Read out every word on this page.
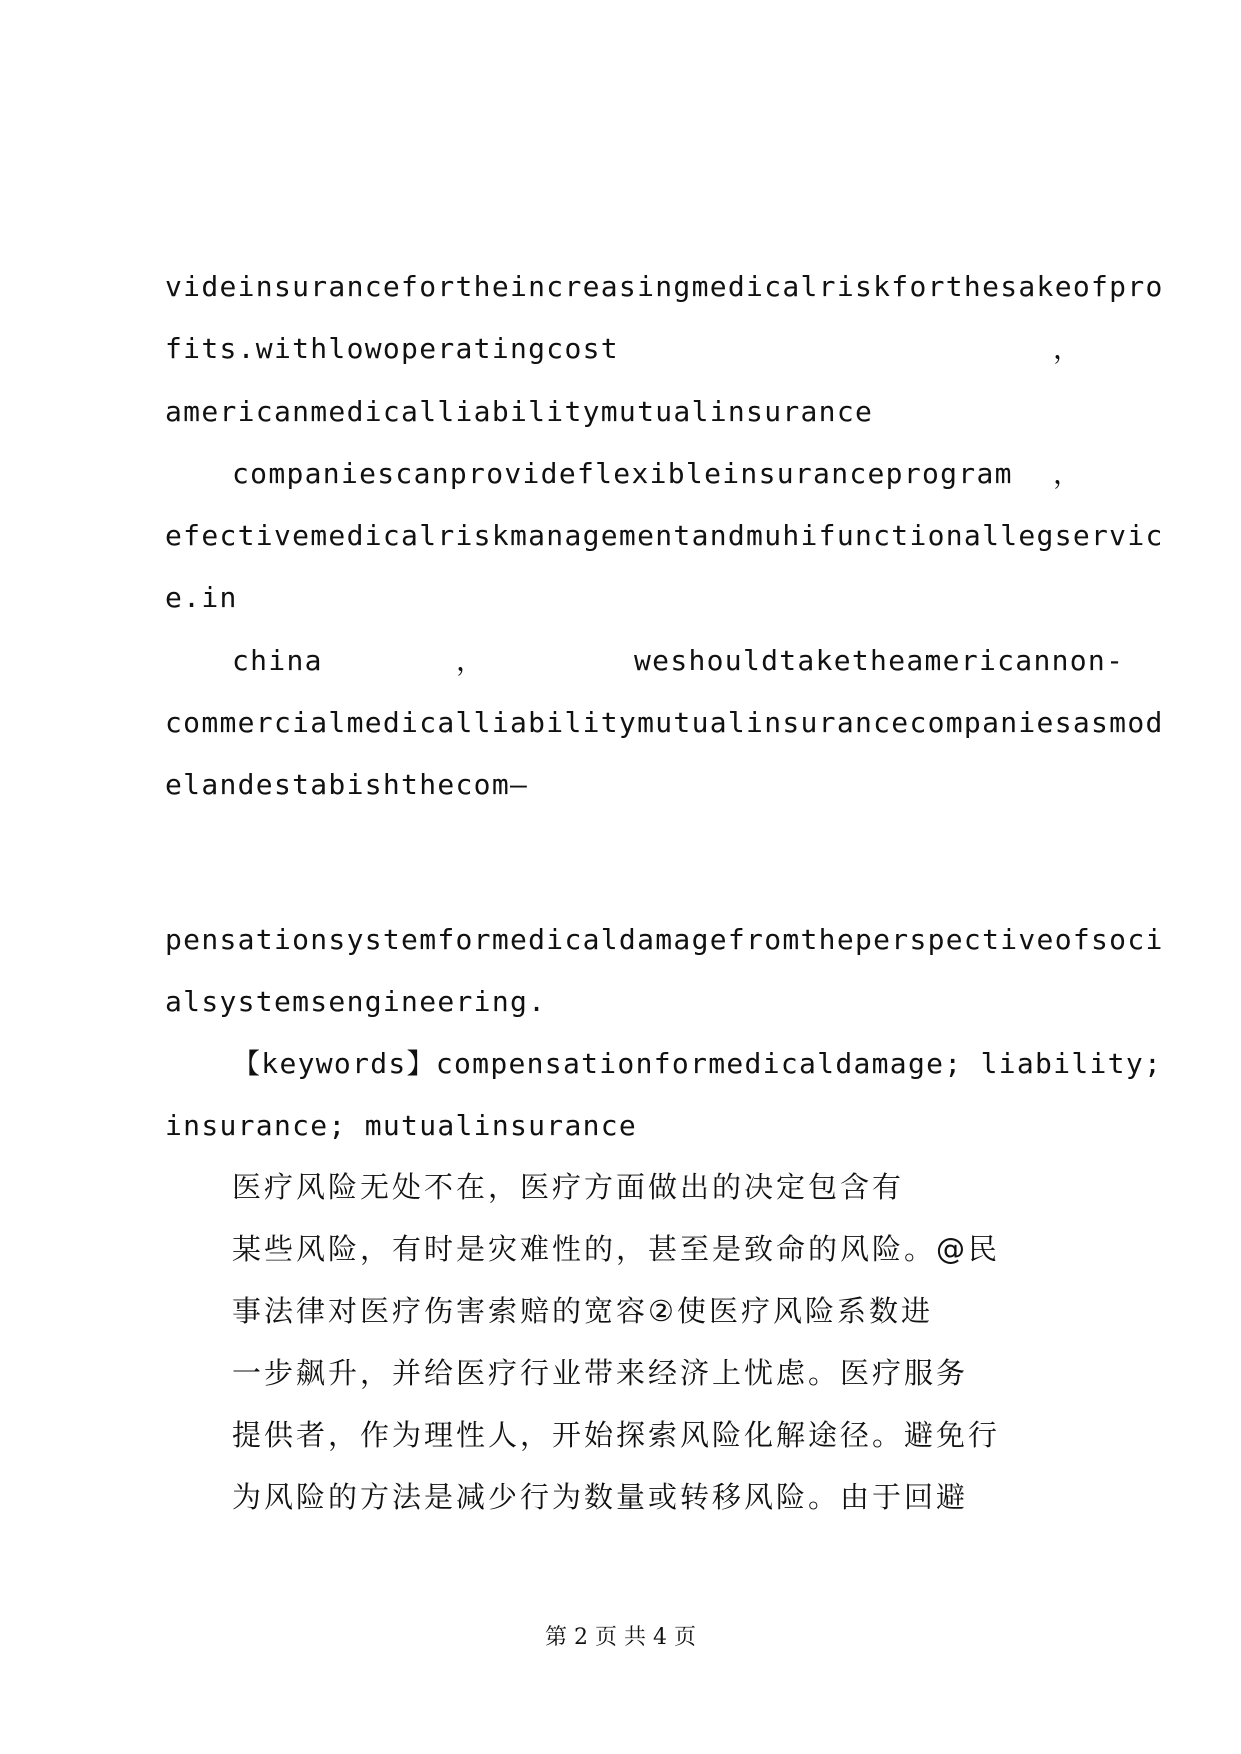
videinsurancefortheincreasingmedicalriskforthesakeofpro
fits.withlowoperatingcost	，
americanmedicalliabilitymutualinsurance
companiescanprovideflexibleinsuranceprogram ，
efectivemedicalriskmanagementandmuhifunctionallegservic
e.in
china	，	weshouldtaketheamericannon-
commercialmedicalliabilitymutualinsurancecompaniesasmod
elandestabishthecom—
pensationsystemformedicaldamagefromtheperspectiveofsoci
alsystemsengineering.
【keywords】compensationformedicaldamage; liability;
insurance; mutualinsurance
医疗风险无处不在，医疗方面做出的决定包含有
某些风险，有时是灾难性的，甚至是致命的风险。@民
事法律对医疗伤害索赔的宽容②使医疗风险系数进
一步飙升，并给医疗行业带来经济上忧虑。医疗服务
提供者，作为理性人，开始探索风险化解途径。避免行
为风险的方法是减少行为数量或转移风险。由于回避
第 2 页 共 4 页
